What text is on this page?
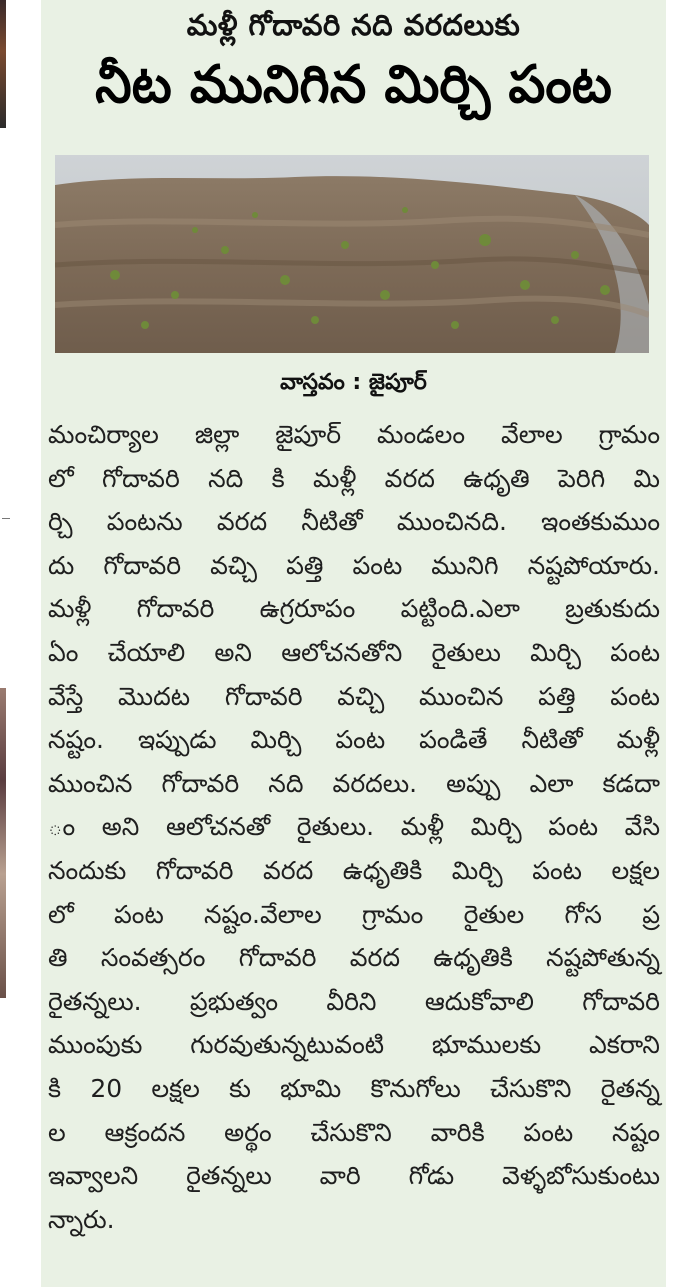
మళ్లీ గోదావరి నది వరదలుకు
నీట మునిగిన మిర్చి పంట
వాస్తవం : జైపూర్
మంచిర్యాల జిల్లా జైపూర్ మండలం వేలాల గ్రామం
లో గోదావరి నది కి మళ్లీ వరద ఉధృతి పెరిగి మి
ర్చి పంటను వరద నీటితో ముంచినది. ఇంతకుముం
దు గోదావరి వచ్చి పత్తి పంట మునిగి నష్టపోయారు.
మళ్లీ గోదావరి ఉగ్రరూపం పట్టింది.ఎలా బ్రతుకుదు
ఏం చేయాలి అని ఆలోచనతోని రైతులు మిర్చి పంట
వేస్తే మొదట గోదావరి వచ్చి ముంచిన పత్తి పంట
నష్టం. ఇప్పుడు మిర్చి పంట పండితే నీటితో మళ్లీ
ముంచిన గోదావరి నది వరదలు. అప్పు ఎలా కడదా
ం అని ఆలోచనతో రైతులు. మళ్లీ మిర్చి పంట వేసి
నందుకు గోదావరి వరద ఉధృతికి మిర్చి పంట లక్షల
లో పంట నష్టం.వేలాల గ్రామం రైతుల గోస ప్ర
తి సంవత్సరం గోదావరి వరద ఉధృతికి నష్టపోతున్న
రైతన్నలు. ప్రభుత్వం వీరిని ఆదుకోవాలి గోదావరి
ముంపుకు గురవుతున్నటువంటి భూములకు ఎకరాని
కి 20 లక్షల కు భూమి కొనుగోలు చేసుకొని రైతన్న
ల ఆక్రందన అర్థం చేసుకొని వారికి పంట నష్టం
ఇవ్వాలని రైతన్నలు వారి గోడు వెళ్ళబోసుకుంటు
న్నారు.
